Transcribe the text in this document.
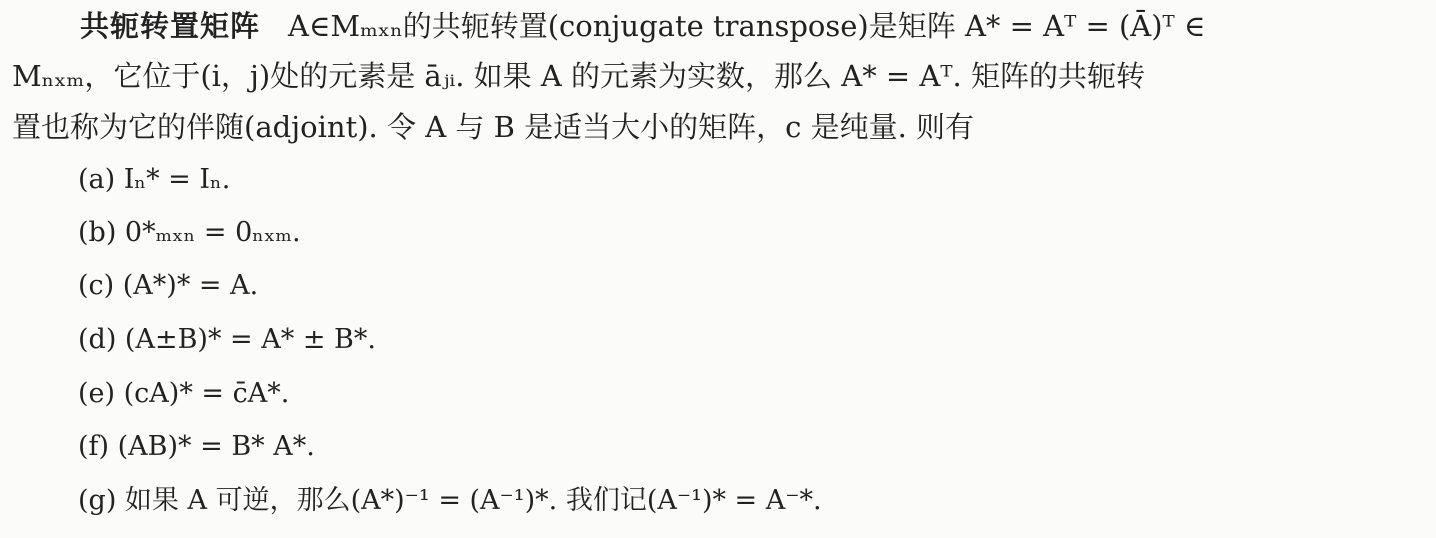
共轭转置矩阵 A∈Mₘₓₙ的共轭转置(conjugate transpose)是矩阵 A* = Aᵀ = (Ā)ᵀ ∈
Mₙₓₘ，它位于(i，j)处的元素是 āⱼᵢ. 如果 A 的元素为实数，那么 A* = Aᵀ. 矩阵的共轭转
置也称为它的伴随(adjoint). 令 A 与 B 是适当大小的矩阵，c 是纯量. 则有
(a) Iₙ* = Iₙ.
(b) 0*ₘₓₙ = 0ₙₓₘ.
(c) (A*)* = A.
(d) (A±B)* = A* ± B*.
(e) (cA)* = c̄A*.
(f) (AB)* = B* A*.
(g) 如果 A 可逆，那么(A*)⁻¹ = (A⁻¹)*. 我们记(A⁻¹)* = A⁻*.
